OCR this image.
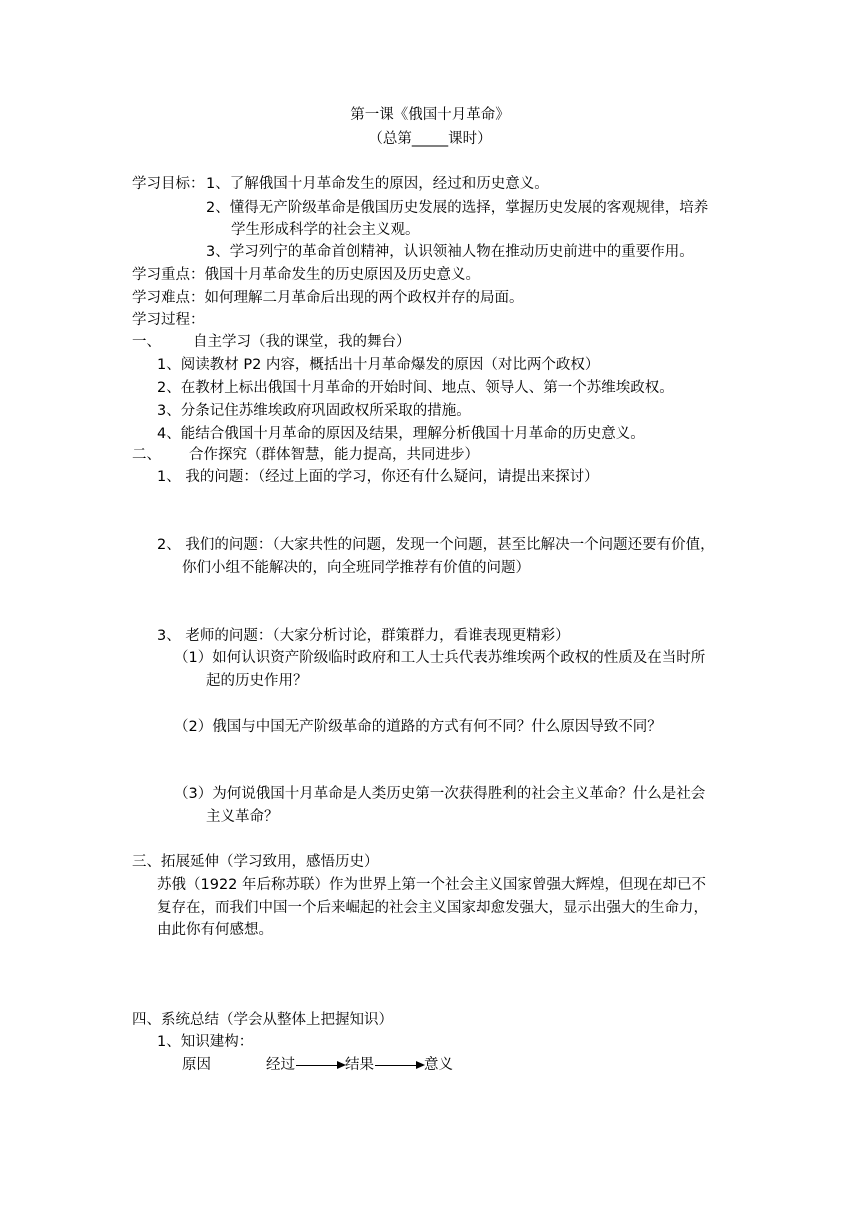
第一课《俄国十月革命》
（总第_____课时）
学习目标： 1、了解俄国十月革命发生的原因，经过和历史意义。
2、懂得无产阶级革命是俄国历史发展的选择，掌握历史发展的客观规律，培养
学生形成科学的社会主义观。
3、学习列宁的革命首创精神，认识领袖人物在推动历史前进中的重要作用。
学习重点：俄国十月革命发生的历史原因及历史意义。
学习难点：如何理解二月革命后出现的两个政权并存的局面。
学习过程：
一、 自主学习（我的课堂，我的舞台）
1、阅读教材 P2 内容，概括出十月革命爆发的原因（对比两个政权）
2、在教材上标出俄国十月革命的开始时间、地点、领导人、第一个苏维埃政权。
3、分条记住苏维埃政府巩固政权所采取的措施。
4、能结合俄国十月革命的原因及结果，理解分析俄国十月革命的历史意义。
二、 合作探究（群体智慧，能力提高，共同进步）
1、 我的问题：（经过上面的学习，你还有什么疑问，请提出来探讨）
2、 我们的问题：（大家共性的问题，发现一个问题，甚至比解决一个问题还要有价值，
你们小组不能解决的，向全班同学推荐有价值的问题）
3、 老师的问题：（大家分析讨论，群策群力，看谁表现更精彩）
（1）如何认识资产阶级临时政府和工人士兵代表苏维埃两个政权的性质及在当时所
起的历史作用？
（2）俄国与中国无产阶级革命的道路的方式有何不同？什么原因导致不同？
（3）为何说俄国十月革命是人类历史第一次获得胜利的社会主义革命？什么是社会
主义革命？
三、拓展延伸（学习致用，感悟历史）
苏俄（1922 年后称苏联）作为世界上第一个社会主义国家曾强大辉煌，但现在却已不
复存在，而我们中国一个后来崛起的社会主义国家却愈发强大，显示出强大的生命力，
由此你有何感想。
四、系统总结（学会从整体上把握知识）
1、知识建构：
原因	经过	结果	意义
